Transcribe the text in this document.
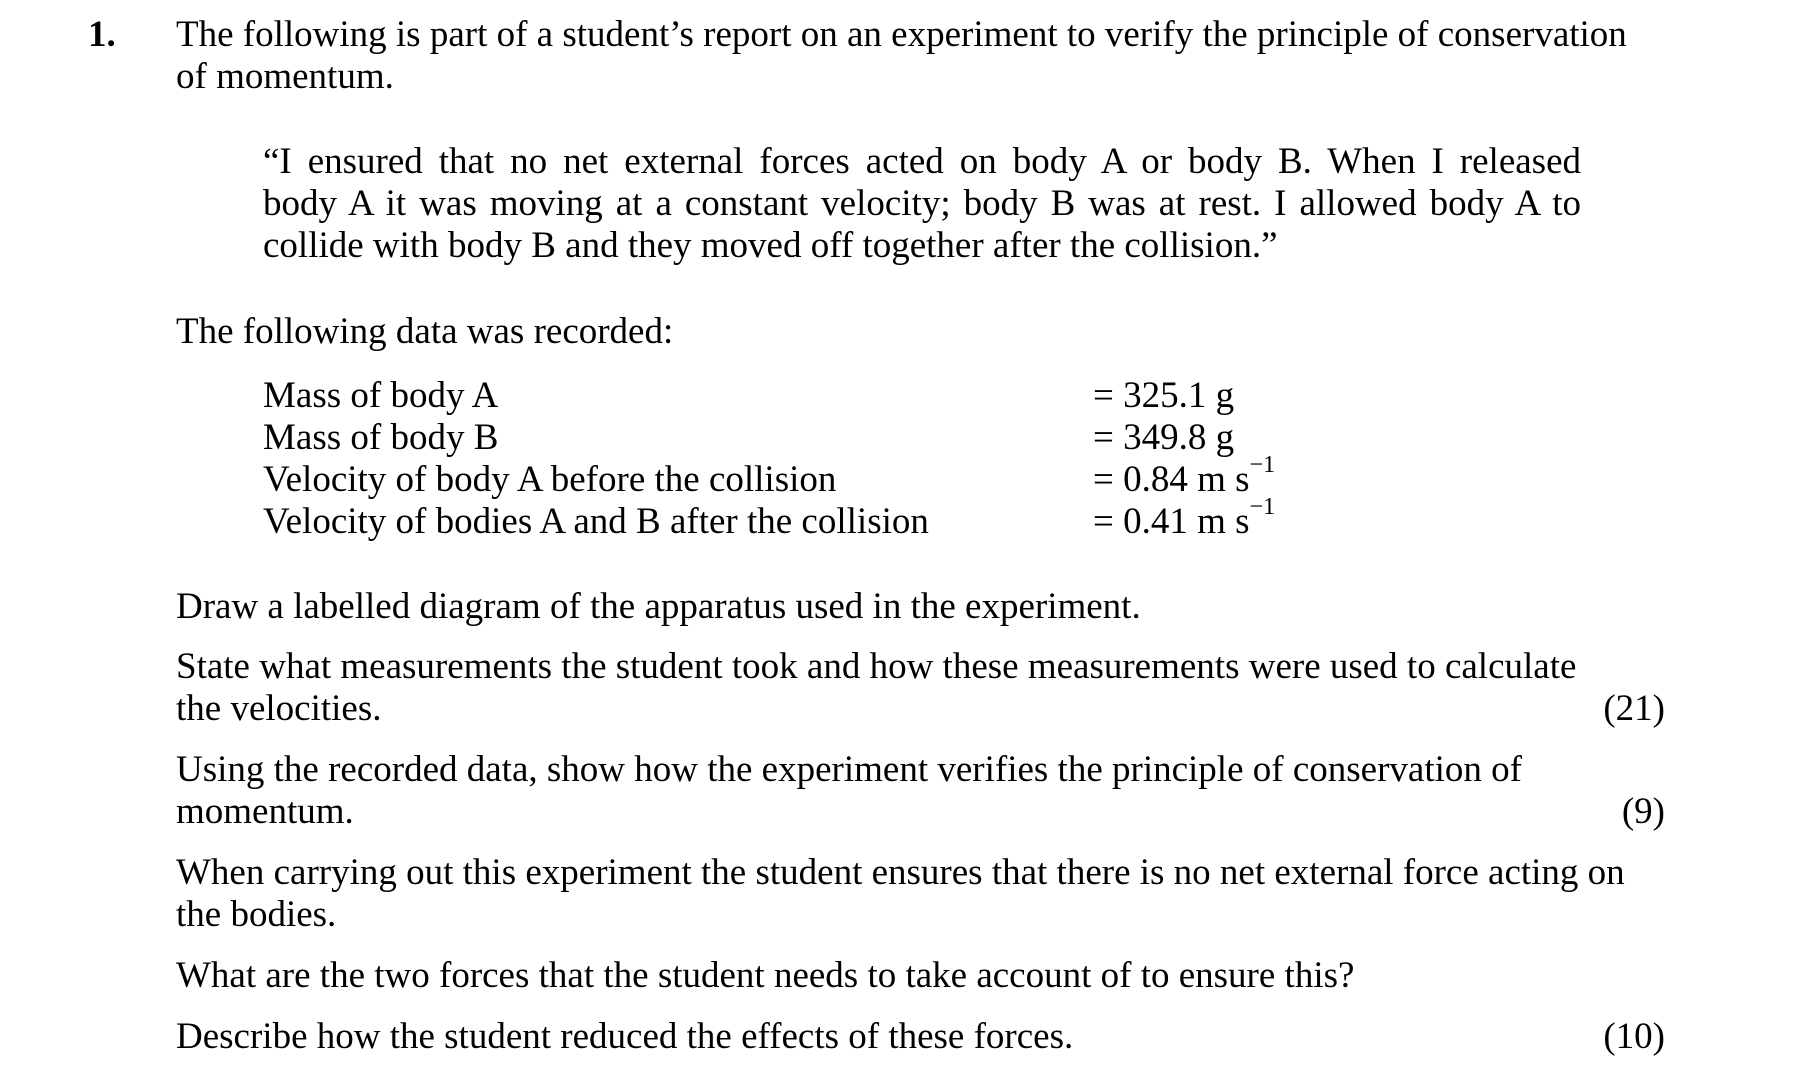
1. The following is part of a student’s report on an experiment to verify the principle of conservation
of momentum.
“I ensured that no net external forces acted on body A or body B. When I released
body A it was moving at a constant velocity; body B was at rest. I allowed body A to
collide with body B and they moved off together after the collision.”
The following data was recorded:
Mass of body A	= 325.1 g
Mass of body B	= 349.8 g
Velocity of body A before the collision	= 0.84 m $s^{-1}$
Velocity of bodies A and B after the collision	= 0.41 m $s^{-1}$
Draw a labelled diagram of the apparatus used in the experiment.
State what measurements the student took and how these measurements were used to calculate
the velocities.	(21)
Using the recorded data, show how the experiment verifies the principle of conservation of
momentum.	(9)
When carrying out this experiment the student ensures that there is no net external force acting on
the bodies.
What are the two forces that the student needs to take account of to ensure this?
Describe how the student reduced the effects of these forces.	(10)
